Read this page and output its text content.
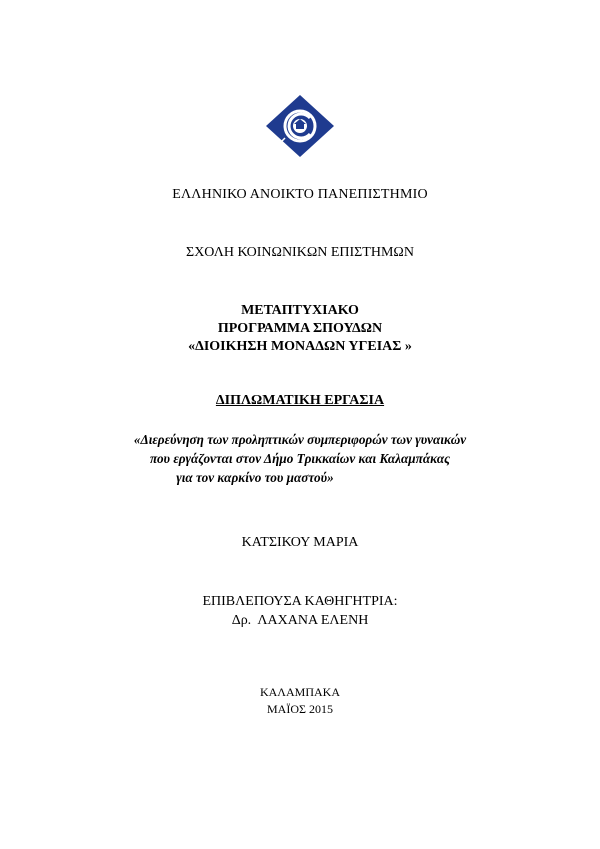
ΕΛΛΗΝΙΚΟ ΑΝΟΙΚΤΟ ΠΑΝΕΠΙΣΤΗΜΙΟ
ΣΧΟΛΗ ΚΟΙΝΩΝΙΚΩΝ ΕΠΙΣΤΗΜΩΝ
ΜΕΤΑΠΤΥΧΙΑΚΟ
ΠΡΟΓΡΑΜΜΑ ΣΠΟΥΔΩΝ
«ΔΙΟΙΚΗΣΗ ΜΟΝΑΔΩΝ ΥΓΕΙΑΣ »
ΔΙΠΛΩΜΑΤΙΚΗ ΕΡΓΑΣΙΑ
«Διερεύνηση των προληπτικών συμπεριφορών των γυναικών
που εργάζονται στον Δήμο Τρικκαίων και Καλαμπάκας
για τον καρκίνο του μαστού»
ΚΑΤΣΙΚΟΥ ΜΑΡΙΑ
ΕΠΙΒΛΕΠΟΥΣΑ ΚΑΘΗΓΗΤΡΙΑ:
Δρ.  ΛΑΧΑΝΑ ΕΛΕΝΗ
ΚΑΛΑΜΠΑΚΑ
ΜΑΪΟΣ 2015
